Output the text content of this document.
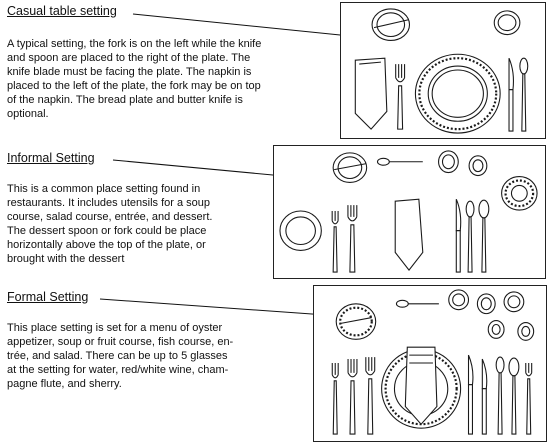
Casual table setting

A typical setting, the fork is on the left while the knife
and spoon are placed to the right of the plate. The
knife blade must be facing the plate. The napkin is
placed to the left of the plate, the fork may be on top
of the napkin. The bread plate and butter knife is
optional.

Informal Setting

This is a common place setting found in
restaurants. It includes utensils for a soup
course, salad course, entrée, and dessert.
The dessert spoon or fork could be place
horizontally above the top of the plate, or
brought with the dessert

Formal Setting

This place setting is set for a menu of oyster
appetizer, soup or fruit course, fish course, en-
trée, and salad. There can be up to 5 glasses
at the setting for water, red/white wine, cham-
pagne flute, and sherry.
